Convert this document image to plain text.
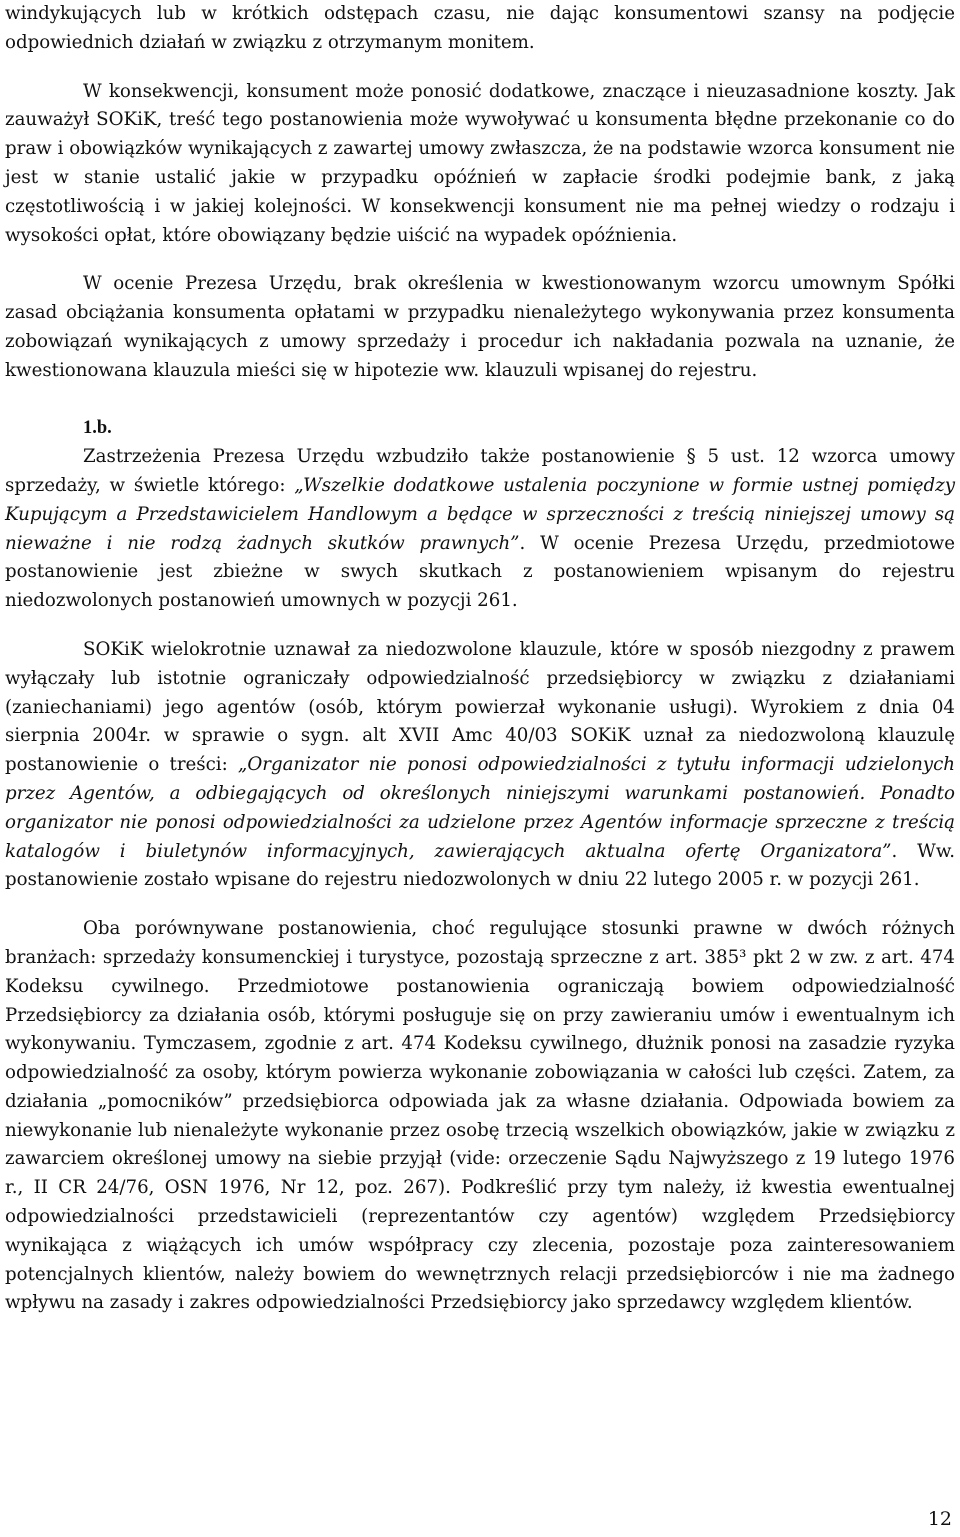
windykujących lub w krótkich odstępach czasu, nie dając konsumentowi szansy na podjęcie odpowiednich działań w związku z otrzymanym monitem.

W konsekwencji, konsument może ponosić dodatkowe, znaczące i nieuzasadnione koszty. Jak zauważył SOKiK, treść tego postanowienia może wywoływać u konsumenta błędne przekonanie co do praw i obowiązków wynikających z zawartej umowy zwłaszcza, że na podstawie wzorca konsument nie jest w stanie ustalić jakie w przypadku opóźnień w zapłacie środki podejmie bank, z jaką częstotliwością i w jakiej kolejności. W konsekwencji konsument nie ma pełnej wiedzy o rodzaju i wysokości opłat, które obowiązany będzie uiścić na wypadek opóźnienia.

W ocenie Prezesa Urzędu, brak określenia w kwestionowanym wzorcu umownym Spółki zasad obciążania konsumenta opłatami w przypadku nienależytego wykonywania przez konsumenta zobowiązań wynikających z umowy sprzedaży i procedur ich nakładania pozwala na uznanie, że kwestionowana klauzula mieści się w hipotezie ww. klauzuli wpisanej do rejestru.

1.b.

Zastrzeżenia Prezesa Urzędu wzbudziło także postanowienie § 5 ust. 12 wzorca umowy sprzedaży, w świetle którego: „Wszelkie dodatkowe ustalenia poczynione w formie ustnej pomiędzy Kupującym a Przedstawicielem Handlowym a będące w sprzeczności z treścią niniejszej umowy są nieważne i nie rodzą żadnych skutków prawnych”. W ocenie Prezesa Urzędu, przedmiotowe postanowienie jest zbieżne w swych skutkach z postanowieniem wpisanym do rejestru niedozwolonych postanowień umownych w pozycji 261.

SOKiK wielokrotnie uznawał za niedozwolone klauzule, które w sposób niezgodny z prawem wyłączały lub istotnie ograniczały odpowiedzialność przedsiębiorcy w związku z działaniami (zaniechaniami) jego agentów (osób, którym powierzał wykonanie usługi). Wyrokiem z dnia 04 sierpnia 2004r. w sprawie o sygn. alt XVII Amc 40/03 SOKiK uznał za niedozwoloną klauzulę postanowienie o treści: „Organizator nie ponosi odpowiedzialności z tytułu informacji udzielonych przez Agentów, a odbiegających od określonych niniejszymi warunkami postanowień. Ponadto organizator nie ponosi odpowiedzialności za udzielone przez Agentów informacje sprzeczne z treścią katalogów i biuletynów informacyjnych, zawierających aktualna ofertę Organizatora”. Ww. postanowienie zostało wpisane do rejestru niedozwolonych w dniu 22 lutego 2005 r. w pozycji 261.

Oba porównywane postanowienia, choć regulujące stosunki prawne w dwóch różnych branżach: sprzedaży konsumenckiej i turystyce, pozostają sprzeczne z art. 385³ pkt 2 w zw. z art. 474 Kodeksu cywilnego. Przedmiotowe postanowienia ograniczają bowiem odpowiedzialność Przedsiębiorcy za działania osób, którymi posługuje się on przy zawieraniu umów i ewentualnym ich wykonywaniu. Tymczasem, zgodnie z art. 474 Kodeksu cywilnego, dłużnik ponosi na zasadzie ryzyka odpowiedzialność za osoby, którym powierza wykonanie zobowiązania w całości lub części. Zatem, za działania „pomocników” przedsiębiorca odpowiada jak za własne działania. Odpowiada bowiem za niewykonanie lub nienależyte wykonanie przez osobę trzecią wszelkich obowiązków, jakie w związku z zawarciem określonej umowy na siebie przyjął (vide: orzeczenie Sądu Najwyższego z 19 lutego 1976 r., II CR 24/76, OSN 1976, Nr 12, poz. 267). Podkreślić przy tym należy, iż kwestia ewentualnej odpowiedzialności przedstawicieli (reprezentantów czy agentów) względem Przedsiębiorcy wynikająca z wiążących ich umów współpracy czy zlecenia, pozostaje poza zainteresowaniem potencjalnych klientów, należy bowiem do wewnętrznych relacji przedsiębiorców i nie ma żadnego wpływu na zasady i zakres odpowiedzialności Przedsiębiorcy jako sprzedawcy względem klientów.

12
